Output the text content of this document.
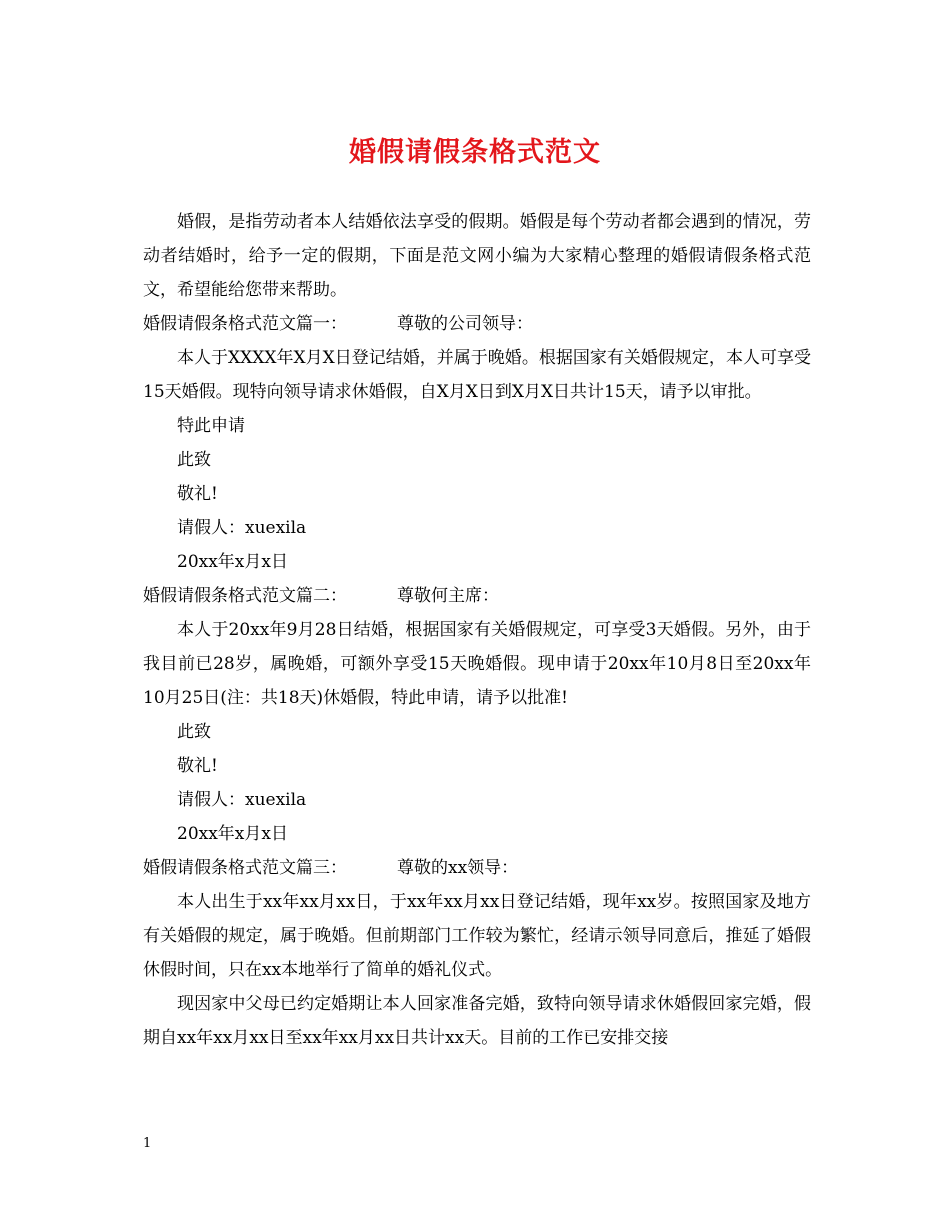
婚假请假条格式范文

婚假，是指劳动者本人结婚依法享受的假期。婚假是每个劳动者都会遇到的情况，劳动者结婚时，给予一定的假期，下面是范文网小编为大家精心整理的婚假请假条格式范文，希望能给您带来帮助。

婚假请假条格式范文篇一：	尊敬的公司领导：

本人于XXXX年X月X日登记结婚，并属于晚婚。根据国家有关婚假规定，本人可享受15天婚假。现特向领导请求休婚假，自X月X日到X月X日共计15天，请予以审批。

特此申请

此致

敬礼!

请假人：xuexila

20xx年x月x日

婚假请假条格式范文篇二：	尊敬何主席：

本人于20xx年9月28日结婚，根据国家有关婚假规定，可享受3天婚假。另外，由于我目前已28岁，属晚婚，可额外享受15天晚婚假。现申请于20xx年10月8日至20xx年10月25日(注：共18天)休婚假，特此申请，请予以批准!

此致

敬礼!

请假人：xuexila

20xx年x月x日

婚假请假条格式范文篇三：	尊敬的xx领导：

本人出生于xx年xx月xx日，于xx年xx月xx日登记结婚，现年xx岁。按照国家及地方有关婚假的规定，属于晚婚。但前期部门工作较为繁忙，经请示领导同意后，推延了婚假休假时间，只在xx本地举行了简单的婚礼仪式。

现因家中父母已约定婚期让本人回家准备完婚，致特向领导请求休婚假回家完婚，假期自xx年xx月xx日至xx年xx月xx日共计xx天。目前的工作已安排交接

1
